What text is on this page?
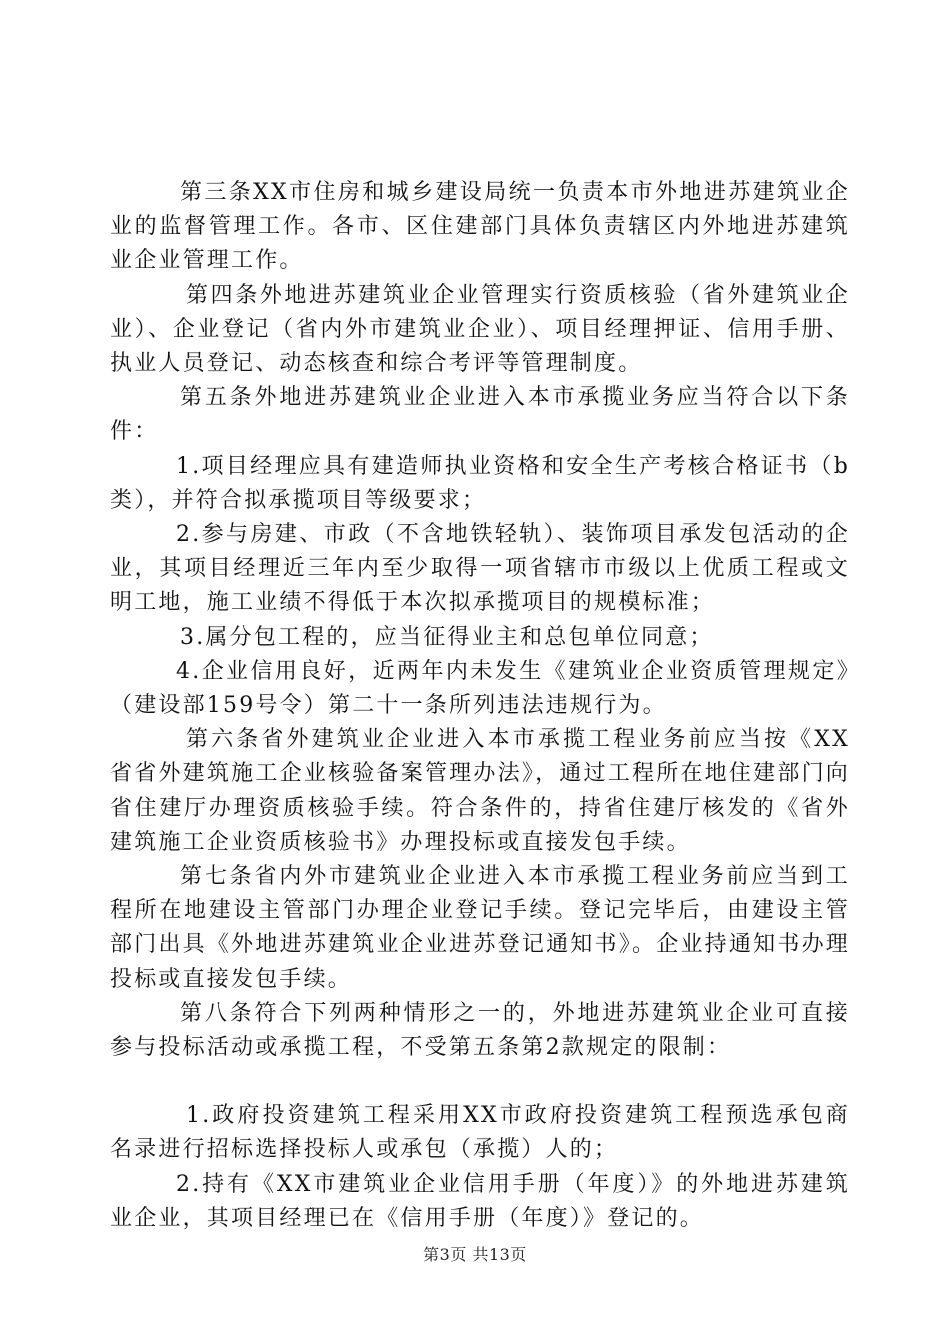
第三条XX市住房和城乡建设局统一负责本市外地进苏建筑业企业的监督管理工作。各市、区住建部门具体负责辖区内外地进苏建筑业企业管理工作。

第四条外地进苏建筑业企业管理实行资质核验（省外建筑业企业）、企业登记（省内外市建筑业企业）、项目经理押证、信用手册、执业人员登记、动态核查和综合考评等管理制度。

第五条外地进苏建筑业企业进入本市承揽业务应当符合以下条件：

1.项目经理应具有建造师执业资格和安全生产考核合格证书（b类），并符合拟承揽项目等级要求；

2.参与房建、市政（不含地铁轻轨）、装饰项目承发包活动的企业，其项目经理近三年内至少取得一项省辖市市级以上优质工程或文明工地，施工业绩不得低于本次拟承揽项目的规模标准；

3.属分包工程的，应当征得业主和总包单位同意；

4.企业信用良好，近两年内未发生《建筑业企业资质管理规定》（建设部159号令）第二十一条所列违法违规行为。

第六条省外建筑业企业进入本市承揽工程业务前应当按《XX省省外建筑施工企业核验备案管理办法》，通过工程所在地住建部门向省住建厅办理资质核验手续。符合条件的，持省住建厅核发的《省外建筑施工企业资质核验书》办理投标或直接发包手续。

第七条省内外市建筑业企业进入本市承揽工程业务前应当到工程所在地建设主管部门办理企业登记手续。登记完毕后，由建设主管部门出具《外地进苏建筑业企业进苏登记通知书》。企业持通知书办理投标或直接发包手续。

第八条符合下列两种情形之一的，外地进苏建筑业企业可直接参与投标活动或承揽工程，不受第五条第2款规定的限制：

1.政府投资建筑工程采用XX市政府投资建筑工程预选承包商名录进行招标选择投标人或承包（承揽）人的；

2.持有《XX市建筑业企业信用手册（年度）》的外地进苏建筑业企业，其项目经理已在《信用手册（年度）》登记的。

第3页 共13页
